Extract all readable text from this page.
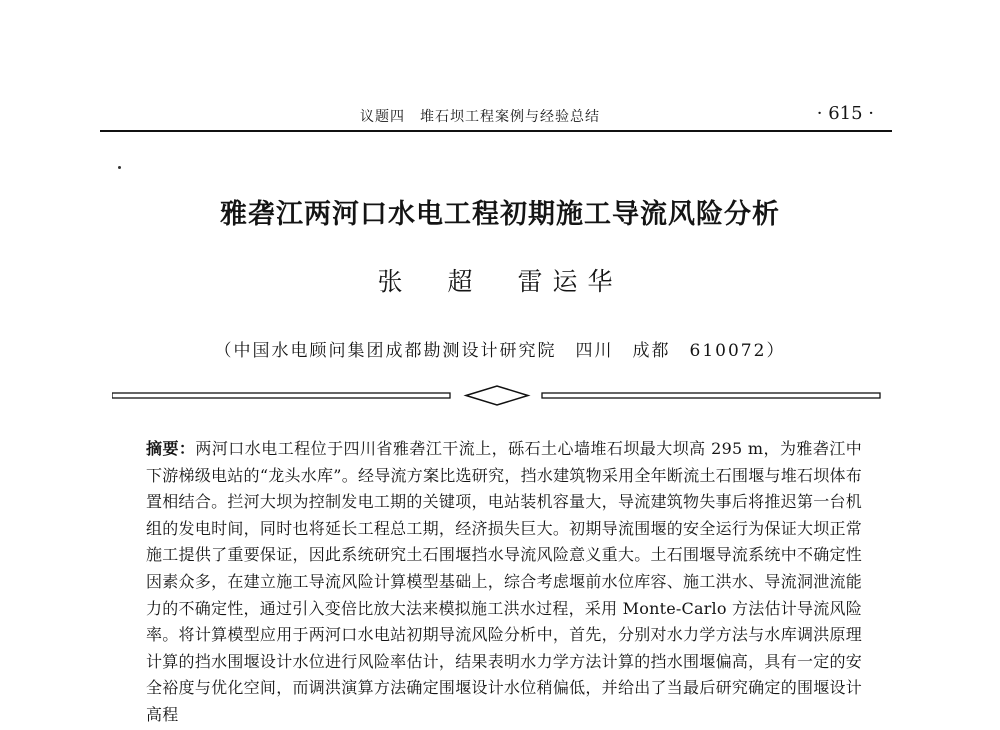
议题四　堆石坝工程案例与经验总结	· 615 ·
雅砻江两河口水电工程初期施工导流风险分析
张　超　雷运华
（中国水电顾问集团成都勘测设计研究院　四川　成都　610072）
摘要：两河口水电工程位于四川省雅砻江干流上，砾石土心墙堆石坝最大坝高 295 m，为雅砻江中下游梯级电站的“龙头水库”。经导流方案比选研究，挡水建筑物采用全年断流土石围堰与堆石坝体布置相结合。拦河大坝为控制发电工期的关键项，电站装机容量大，导流建筑物失事后将推迟第一台机组的发电时间，同时也将延长工程总工期，经济损失巨大。初期导流围堰的安全运行为保证大坝正常施工提供了重要保证，因此系统研究土石围堰挡水导流风险意义重大。土石围堰导流系统中不确定性因素众多，在建立施工导流风险计算模型基础上，综合考虑堰前水位库容、施工洪水、导流洞泄流能力的不确定性，通过引入变倍比放大法来模拟施工洪水过程，采用 Monte-Carlo 方法估计导流风险率。将计算模型应用于两河口水电站初期导流风险分析中，首先，分别对水力学方法与水库调洪原理计算的挡水围堰设计水位进行风险率估计，结果表明水力学方法计算的挡水围堰偏高，具有一定的安全裕度与优化空间，而调洪演算方法确定围堰设计水位稍偏低，并给出了当最后研究确定的围堰设计高程
